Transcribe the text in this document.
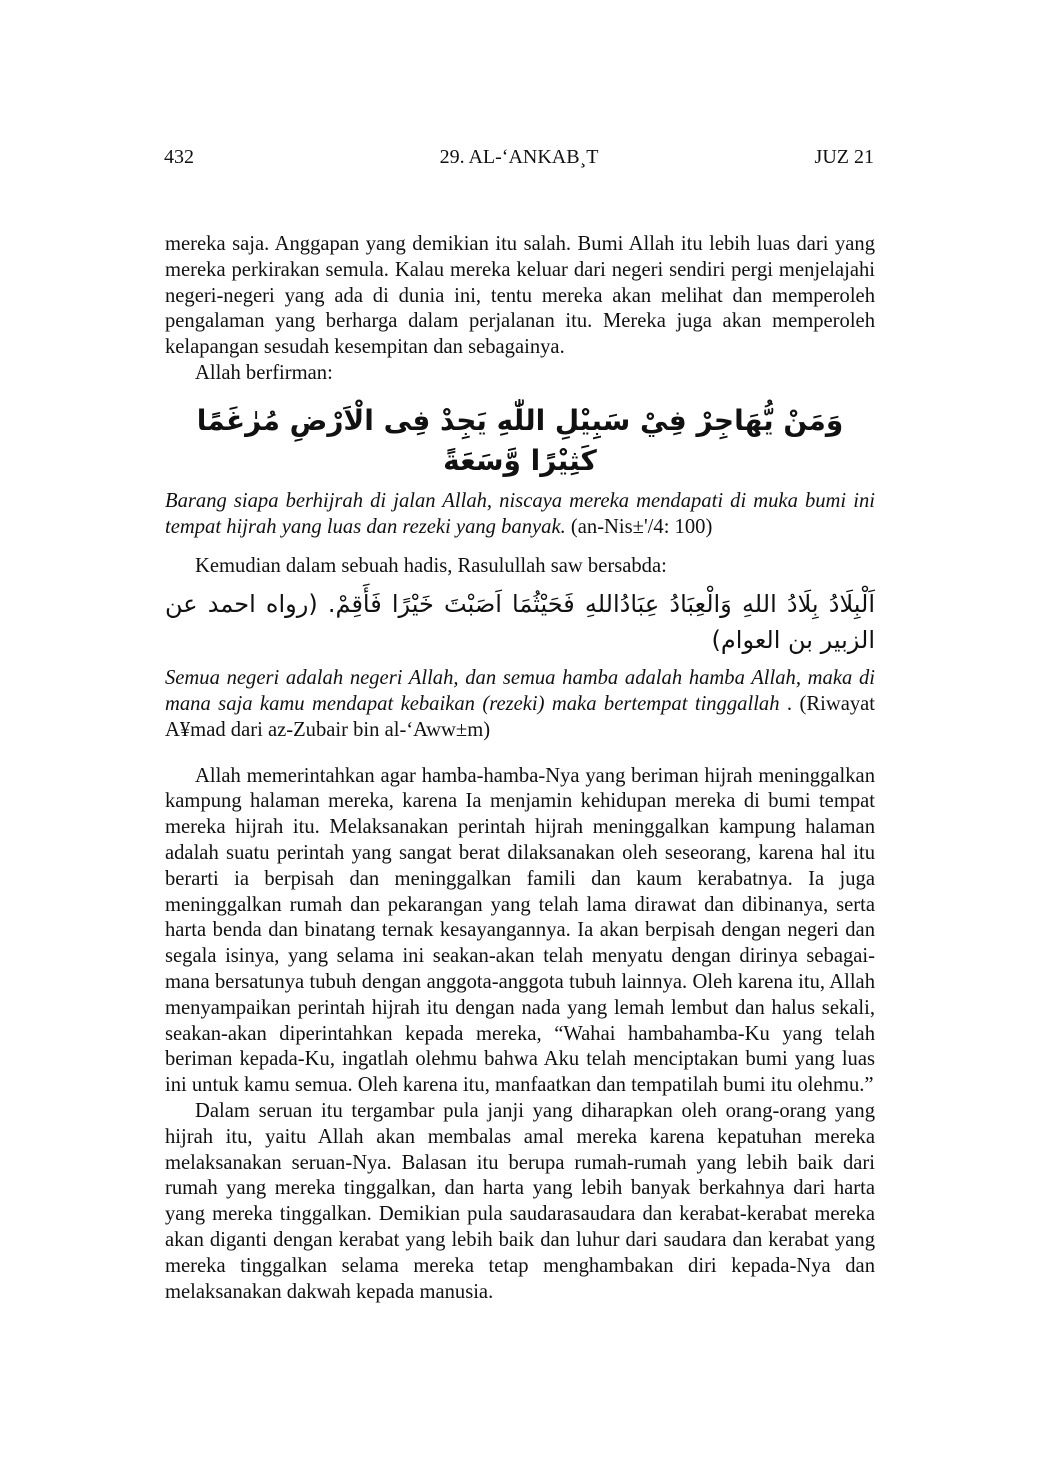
432	29. AL-‘ANKAB¸T	JUZ 21

mereka saja. Anggapan yang demikian itu salah. Bumi Allah itu lebih luas dari yang mereka perkirakan semula. Kalau mereka keluar dari negeri sendiri pergi menjelajahi negeri-negeri yang ada di dunia ini, tentu mereka akan melihat dan memperoleh pengalaman yang berharga dalam perjalanan itu. Mereka juga akan memperoleh kelapangan sesudah kesempitan dan sebagainya.

Allah berfirman:

وَمَنْ يُّهَاجِرْ فِيْ سَبِيْلِ اللّٰهِ يَجِدْ فِى الْاَرْضِ مُرٰغَمًا كَثِيْرًا وَّسَعَةً

Barang siapa berhijrah di jalan Allah, niscaya mereka mendapati di muka bumi ini tempat hijrah yang luas dan rezeki yang banyak. (an-Nis±'/4: 100)

Kemudian dalam sebuah hadis, Rasulullah saw bersabda:

اَلْبِلَادُ بِلَادُ اللهِ وَالْعِبَادُ عِبَادُاللهِ فَحَيْثُمَا اَصَبْتَ خَيْرًا فَأَقِمْ. (رواه احمد عن الزبير بن العوام)

Semua negeri adalah negeri Allah, dan semua hamba adalah hamba Allah, maka di mana saja kamu mendapat kebaikan (rezeki) maka bertempat tinggallah . (Riwayat A¥mad dari az-Zubair bin al-‘Aww±m)

Allah memerintahkan agar hamba-hamba-Nya yang beriman hijrah meninggalkan kampung halaman mereka, karena Ia menjamin kehidupan mereka di bumi tempat mereka hijrah itu. Melaksanakan perintah hijrah meninggalkan kampung halaman adalah suatu perintah yang sangat berat dilaksanakan oleh seseorang, karena hal itu berarti ia berpisah dan meninggalkan famili dan kaum kerabatnya. Ia juga meninggalkan rumah dan pekarangan yang telah lama dirawat dan dibinanya, serta harta benda dan binatang ternak kesayangannya. Ia akan berpisah dengan negeri dan segala isinya, yang selama ini seakan-akan telah menyatu dengan dirinya sebagaimana bersatunya tubuh dengan anggota-anggota tubuh lainnya. Oleh karena itu, Allah menyampaikan perintah hijrah itu dengan nada yang lemah lembut dan halus sekali, seakan-akan diperintahkan kepada mereka, “Wahai hambahamba-Ku yang telah beriman kepada-Ku, ingatlah olehmu bahwa Aku telah menciptakan bumi yang luas ini untuk kamu semua. Oleh karena itu, manfaatkan dan tempatilah bumi itu olehmu.”

Dalam seruan itu tergambar pula janji yang diharapkan oleh orang-orang yang hijrah itu, yaitu Allah akan membalas amal mereka karena kepatuhan mereka melaksanakan seruan-Nya. Balasan itu berupa rumah-rumah yang lebih baik dari rumah yang mereka tinggalkan, dan harta yang lebih banyak berkahnya dari harta yang mereka tinggalkan. Demikian pula saudarasaudara dan kerabat-kerabat mereka akan diganti dengan kerabat yang lebih baik dan luhur dari saudara dan kerabat yang mereka tinggalkan selama mereka tetap menghambakan diri kepada-Nya dan melaksanakan dakwah kepada manusia.
